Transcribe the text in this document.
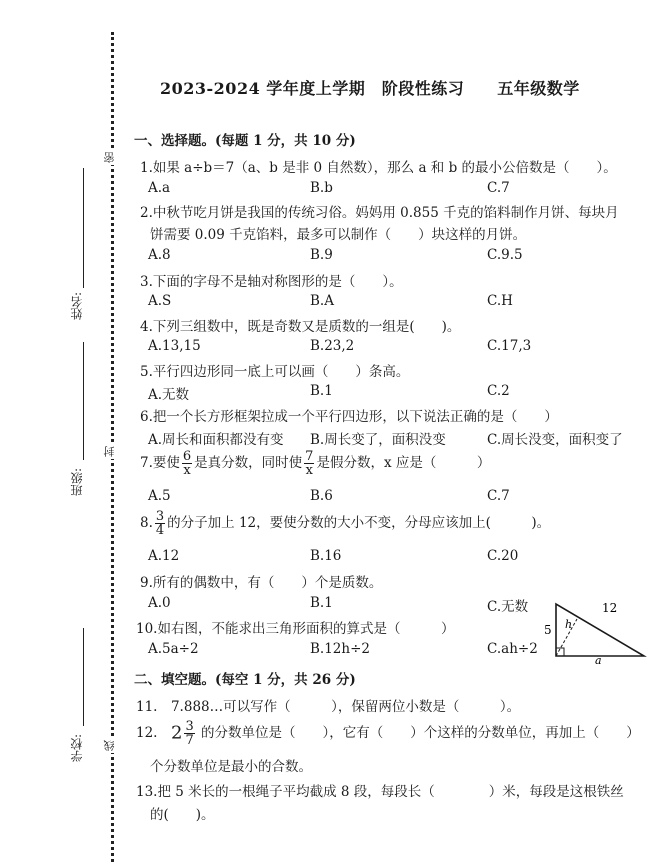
姓名:
班级:
学校:
密
封
线
2023-2024 学年度上学期　阶段性练习　　五年级数学
一、选择题。(每题 1 分，共 10 分)
1.如果 a÷b＝7（a、b 是非 0 自然数），那么 a 和 b 的最小公倍数是（　　）。
A.a	B.b	C.7
2.中秋节吃月饼是我国的传统习俗。妈妈用 0.855 千克的馅料制作月饼、每块月
饼需要 0.09 千克馅料，最多可以制作（　　）块这样的月饼。
A.8	B.9	C.9.5
3.下面的字母不是轴对称图形的是（　　）。
A.S	B.A	C.H
4.下列三组数中，既是奇数又是质数的一组是(　　)。
A.13,15	B.23,2	C.17,3
5.平行四边形同一底上可以画（　　）条高。
A.无数	B.1	C.2
6.把一个长方形框架拉成一个平行四边形，以下说法正确的是（　　）
A.周长和面积都没有变 B.周长变了，面积没变	C.周长没变，面积变了
7.要使 $\frac{6}{x}$ 是真分数，同时使 $\frac{7}{x}$ 是假分数，x 应是（　　　）
A.5	B.6	C.7
8. $\frac{3}{4}$ 的分子加上 12，要使分数的大小不变，分母应该加上(　　　)。
A.12	B.16	C.20
9.所有的偶数中，有（　　）个是质数。
A.0	B.1	C.无数
10.如右图，不能求出三角形面积的算式是（　　　）
A.5a÷2	B.12h÷2	C.ah÷2
12
5 h
a
二、填空题。(每空 1 分，共 26 分)
11.　7.888…可以写作（　　　），保留两位小数是（　　　）。
12.　$2 \frac{3}{7}$ 的分数单位是（　　），它有（　　）个这样的分数单位，再加上（　　）
个分数单位是最小的合数。
13.把 5 米长的一根绳子平均截成 8 段，每段长（　　　　）米，每段是这根铁丝
的(　　)。
